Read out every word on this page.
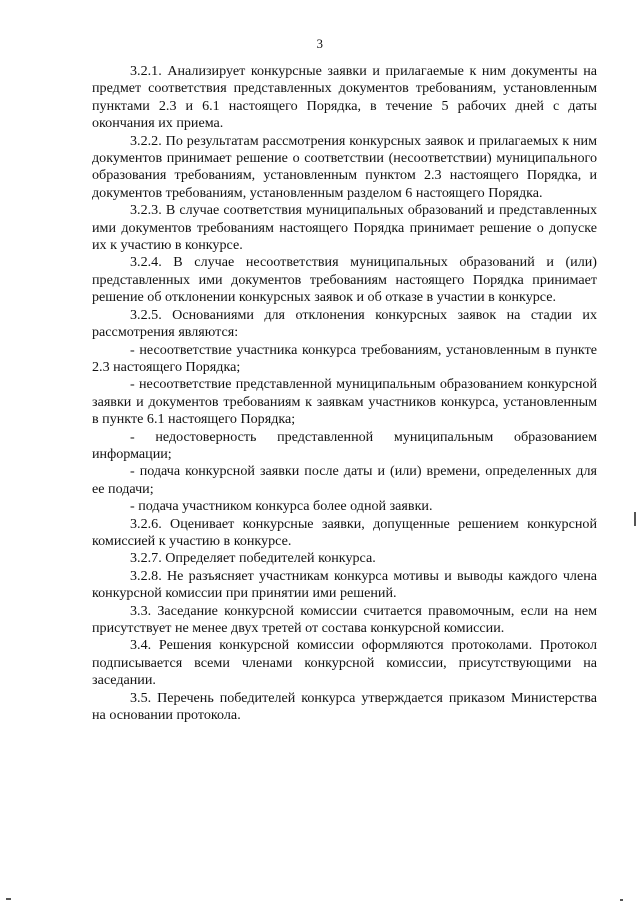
3

3.2.1. Анализирует конкурсные заявки и прилагаемые к ним документы на предмет соответствия представленных документов требованиям, установленным пунктами 2.3 и 6.1 настоящего Порядка, в течение 5 рабочих дней с даты окончания их приема.

3.2.2. По результатам рассмотрения конкурсных заявок и прилагаемых к ним документов принимает решение о соответствии (несоответствии) муниципального образования требованиям, установленным пунктом 2.3 настоящего Порядка, и документов требованиям, установленным разделом 6 настоящего Порядка.

3.2.3. В случае соответствия муниципальных образований и представленных ими документов требованиям настоящего Порядка принимает решение о допуске их к участию в конкурсе.

3.2.4. В случае несоответствия муниципальных образований и (или) представленных ими документов требованиям настоящего Порядка принимает решение об отклонении конкурсных заявок и об отказе в участии в конкурсе.

3.2.5. Основаниями для отклонения конкурсных заявок на стадии их рассмотрения являются:

- несоответствие участника конкурса требованиям, установленным в пункте 2.3 настоящего Порядка;

- несоответствие представленной муниципальным образованием конкурсной заявки и документов требованиям к заявкам участников конкурса, установленным в пункте 6.1 настоящего Порядка;

- недостоверность представленной муниципальным образованием информации;

- подача конкурсной заявки после даты и (или) времени, определенных для ее подачи;

- подача участником конкурса более одной заявки.

3.2.6. Оценивает конкурсные заявки, допущенные решением конкурсной комиссией к участию в конкурсе.

3.2.7. Определяет победителей конкурса.

3.2.8. Не разъясняет участникам конкурса мотивы и выводы каждого члена конкурсной комиссии при принятии ими решений.

3.3. Заседание конкурсной комиссии считается правомочным, если на нем присутствует не менее двух третей от состава конкурсной комиссии.

3.4. Решения конкурсной комиссии оформляются протоколами. Протокол подписывается всеми членами конкурсной комиссии, присутствующими на заседании.

3.5. Перечень победителей конкурса утверждается приказом Министерства на основании протокола.
